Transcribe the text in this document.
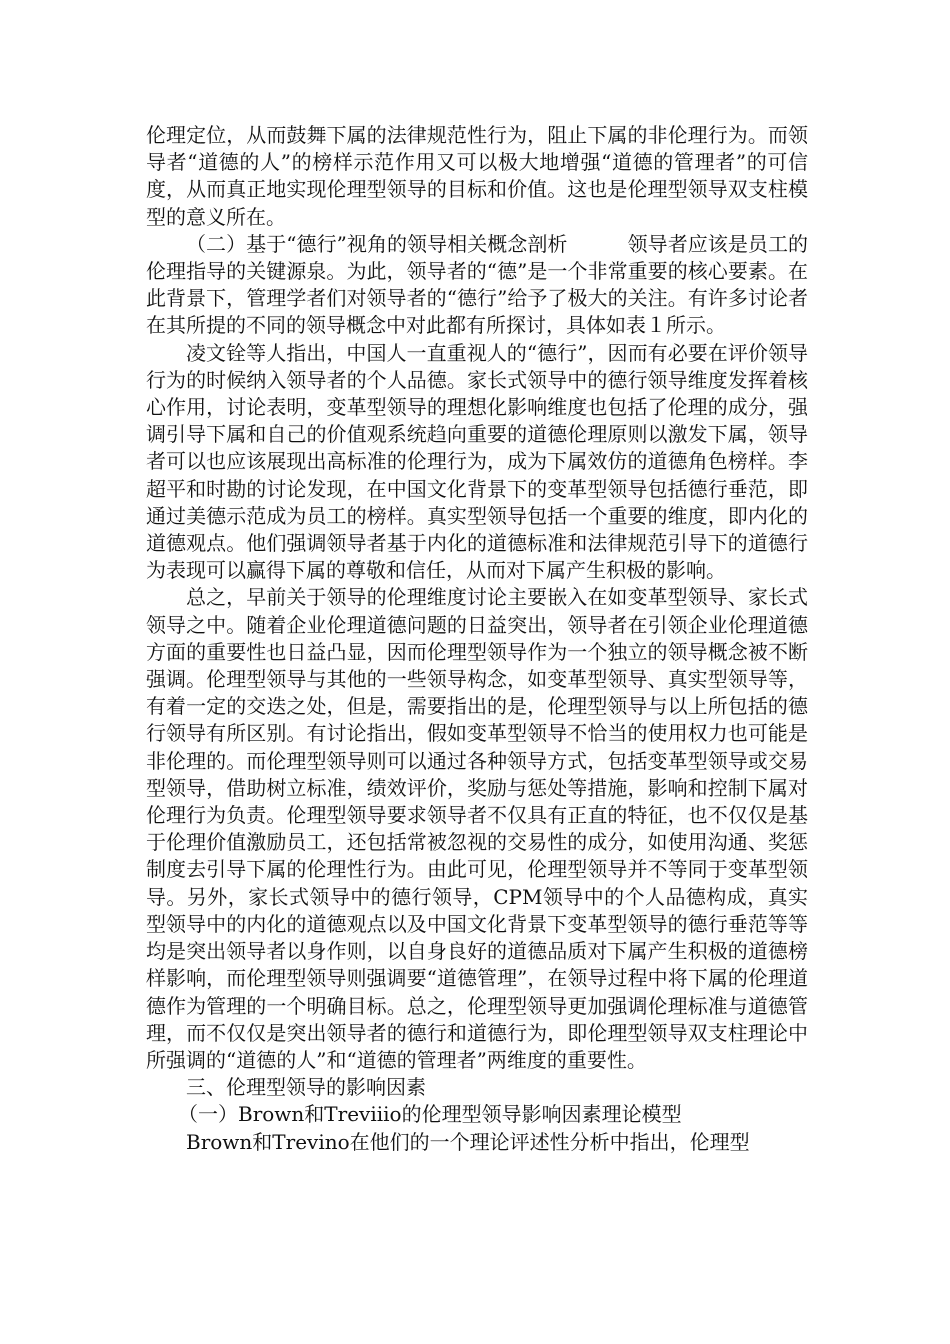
伦理定位，从而鼓舞下属的法律规范性行为，阻止下属的非伦理行为。而领导者“道德的人”的榜样示范作用又可以极大地增强“道德的管理者”的可信度，从而真正地实现伦理型领导的目标和价值。这也是伦理型领导双支柱模型的意义所在。

（二）基于“德行”视角的领导相关概念剖析　　　领导者应该是员工的伦理指导的关键源泉。为此，领导者的“德”是一个非常重要的核心要素。在此背景下，管理学者们对领导者的“德行”给予了极大的关注。有许多讨论者在其所提的不同的领导概念中对此都有所探讨，具体如表１所示。

凌文铨等人指出，中国人一直重视人的“德行”，因而有必要在评价领导行为的时候纳入领导者的个人品德。家长式领导中的德行领导维度发挥着核心作用，讨论表明，变革型领导的理想化影响维度也包括了伦理的成分，强调引导下属和自己的价值观系统趋向重要的道德伦理原则以激发下属，领导者可以也应该展现出高标准的伦理行为，成为下属效仿的道德角色榜样。李超平和时勘的讨论发现，在中国文化背景下的变革型领导包括德行垂范，即通过美德示范成为员工的榜样。真实型领导包括一个重要的维度，即内化的道德观点。他们强调领导者基于内化的道德标准和法律规范引导下的道德行为表现可以赢得下属的尊敬和信任，从而对下属产生积极的影响。

总之，早前关于领导的伦理维度讨论主要嵌入在如变革型领导、家长式领导之中。随着企业伦理道德问题的日益突出，领导者在引领企业伦理道德方面的重要性也日益凸显，因而伦理型领导作为一个独立的领导概念被不断强调。伦理型领导与其他的一些领导构念，如变革型领导、真实型领导等，有着一定的交迭之处，但是，需要指出的是，伦理型领导与以上所包括的德行领导有所区别。有讨论指出，假如变革型领导不恰当的使用权力也可能是非伦理的。而伦理型领导则可以通过各种领导方式，包括变革型领导或交易型领导，借助树立标准，绩效评价，奖励与惩处等措施，影响和控制下属对伦理行为负责。伦理型领导要求领导者不仅具有正直的特征，也不仅仅是基于伦理价值激励员工，还包括常被忽视的交易性的成分，如使用沟通、奖惩制度去引导下属的伦理性行为。由此可见，伦理型领导并不等同于变革型领导。另外，家长式领导中的德行领导，CPM领导中的个人品德构成，真实型领导中的内化的道德观点以及中国文化背景下变革型领导的德行垂范等等均是突出领导者以身作则，以自身良好的道德品质对下属产生积极的道德榜样影响，而伦理型领导则强调要“道德管理”，在领导过程中将下属的伦理道德作为管理的一个明确目标。总之，伦理型领导更加强调伦理标准与道德管理，而不仅仅是突出领导者的德行和道德行为，即伦理型领导双支柱理论中所强调的“道德的人”和“道德的管理者”两维度的重要性。

三、伦理型领导的影响因素

（一）Brown和Treviiio的伦理型领导影响因素理论模型

Brown和Trevino在他们的一个理论评述性分析中指出，伦理型
